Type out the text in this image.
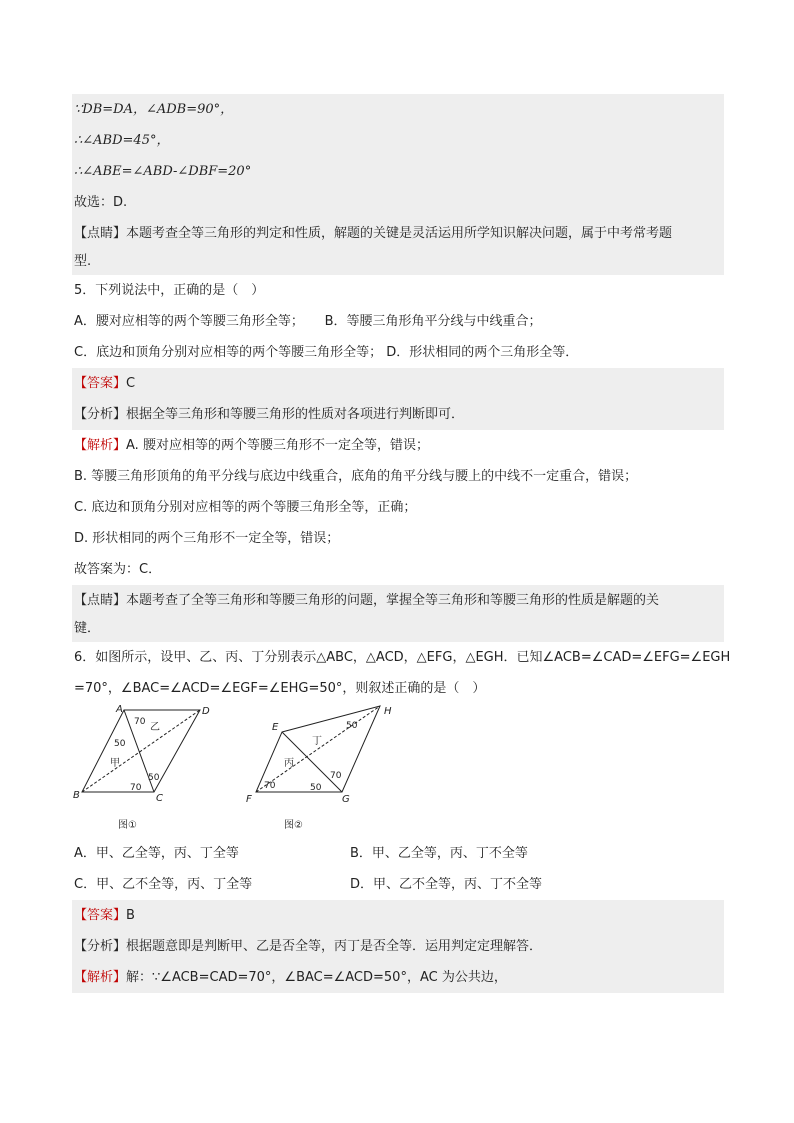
∵DB=DA，∠ADB=90°，
∴∠ABD=45°，
∴∠ABE=∠ABD-∠DBF=20°
故选：D.
【点睛】本题考查全等三角形的判定和性质，解题的关键是灵活运用所学知识解决问题，属于中考常考题
型.
5．下列说法中，正确的是（　）
A．腰对应相等的两个等腰三角形全等； B．等腰三角形角平分线与中线重合；
C．底边和顶角分别对应相等的两个等腰三角形全等； D．形状相同的两个三角形全等．
【答案】C
【分析】根据全等三角形和等腰三角形的性质对各项进行判断即可．
【解析】A. 腰对应相等的两个等腰三角形不一定全等，错误；
B. 等腰三角形顶角的角平分线与底边中线重合，底角的角平分线与腰上的中线不一定重合，错误；
C. 底边和顶角分别对应相等的两个等腰三角形全等，正确；
D. 形状相同的两个三角形不一定全等，错误；
故答案为：C．
【点睛】本题考查了全等三角形和等腰三角形的问题，掌握全等三角形和等腰三角形的性质是解题的关
键．
6．如图所示，设甲、乙、丙、丁分别表示△ABC，△ACD，△EFG，△EGH．已知∠ACB=∠CAD=∠EFG=∠EGH
=70°，∠BAC=∠ACD=∠EGF=∠EHG=50°，则叙述正确的是（　）
A	D
B	C
70
50
50
70
乙
甲
图①
E
H
F	G
50
70
70	50
丁
丙
图②
A．甲、乙全等，丙、丁全等	B．甲、乙全等，丙、丁不全等
C．甲、乙不全等，丙、丁全等	D．甲、乙不全等，丙、丁不全等
【答案】B
【分析】根据题意即是判断甲、乙是否全等，丙丁是否全等．运用判定定理解答．
【解析】解：∵∠ACB=CAD=70°，∠BAC=∠ACD=50°，AC 为公共边，
